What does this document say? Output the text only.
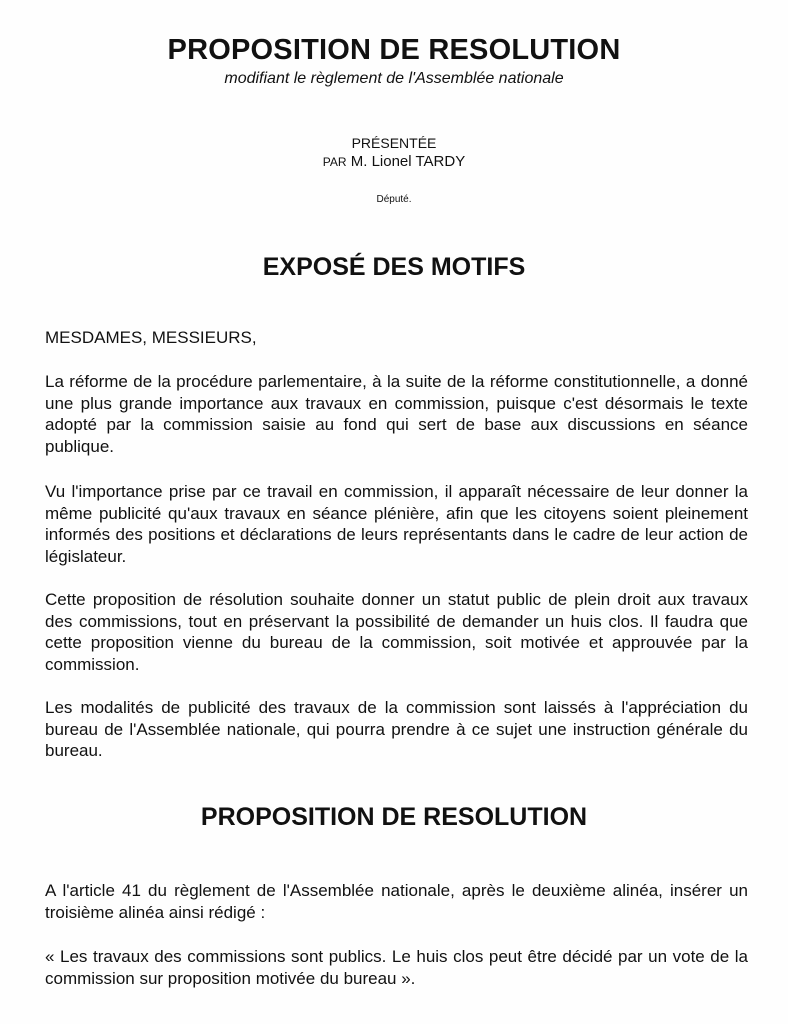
PROPOSITION DE RESOLUTION
modifiant le règlement de l'Assemblée nationale
PRÉSENTÉE
PAR M. Lionel TARDY
Député.
EXPOSÉ DES MOTIFS
MESDAMES, MESSIEURS,

La réforme de la procédure parlementaire, à la suite de la réforme constitutionnelle, a donné une plus grande importance aux travaux en commission, puisque c'est désormais le texte adopté par la commission saisie au fond qui sert de base aux discussions en séance publique.

Vu l'importance prise par ce travail en commission, il apparaît nécessaire de leur donner la même publicité qu'aux travaux en séance plénière, afin que les citoyens soient pleinement informés des positions et déclarations de leurs représentants dans le cadre de leur action de législateur.

Cette proposition de résolution souhaite donner un statut public de plein droit aux travaux des commissions, tout en préservant la possibilité de demander un huis clos. Il faudra que cette proposition vienne du bureau de la commission, soit motivée et approuvée par la commission.

Les modalités de publicité des travaux de la commission sont laissés à l'appréciation du bureau de l'Assemblée nationale, qui pourra prendre à ce sujet une instruction générale du bureau.

PROPOSITION DE RESOLUTION

A l'article 41 du règlement de l'Assemblée nationale, après le deuxième alinéa, insérer un troisième alinéa ainsi rédigé :

« Les travaux des commissions sont publics. Le huis clos peut être décidé par un vote de la commission sur proposition motivée du bureau ».
